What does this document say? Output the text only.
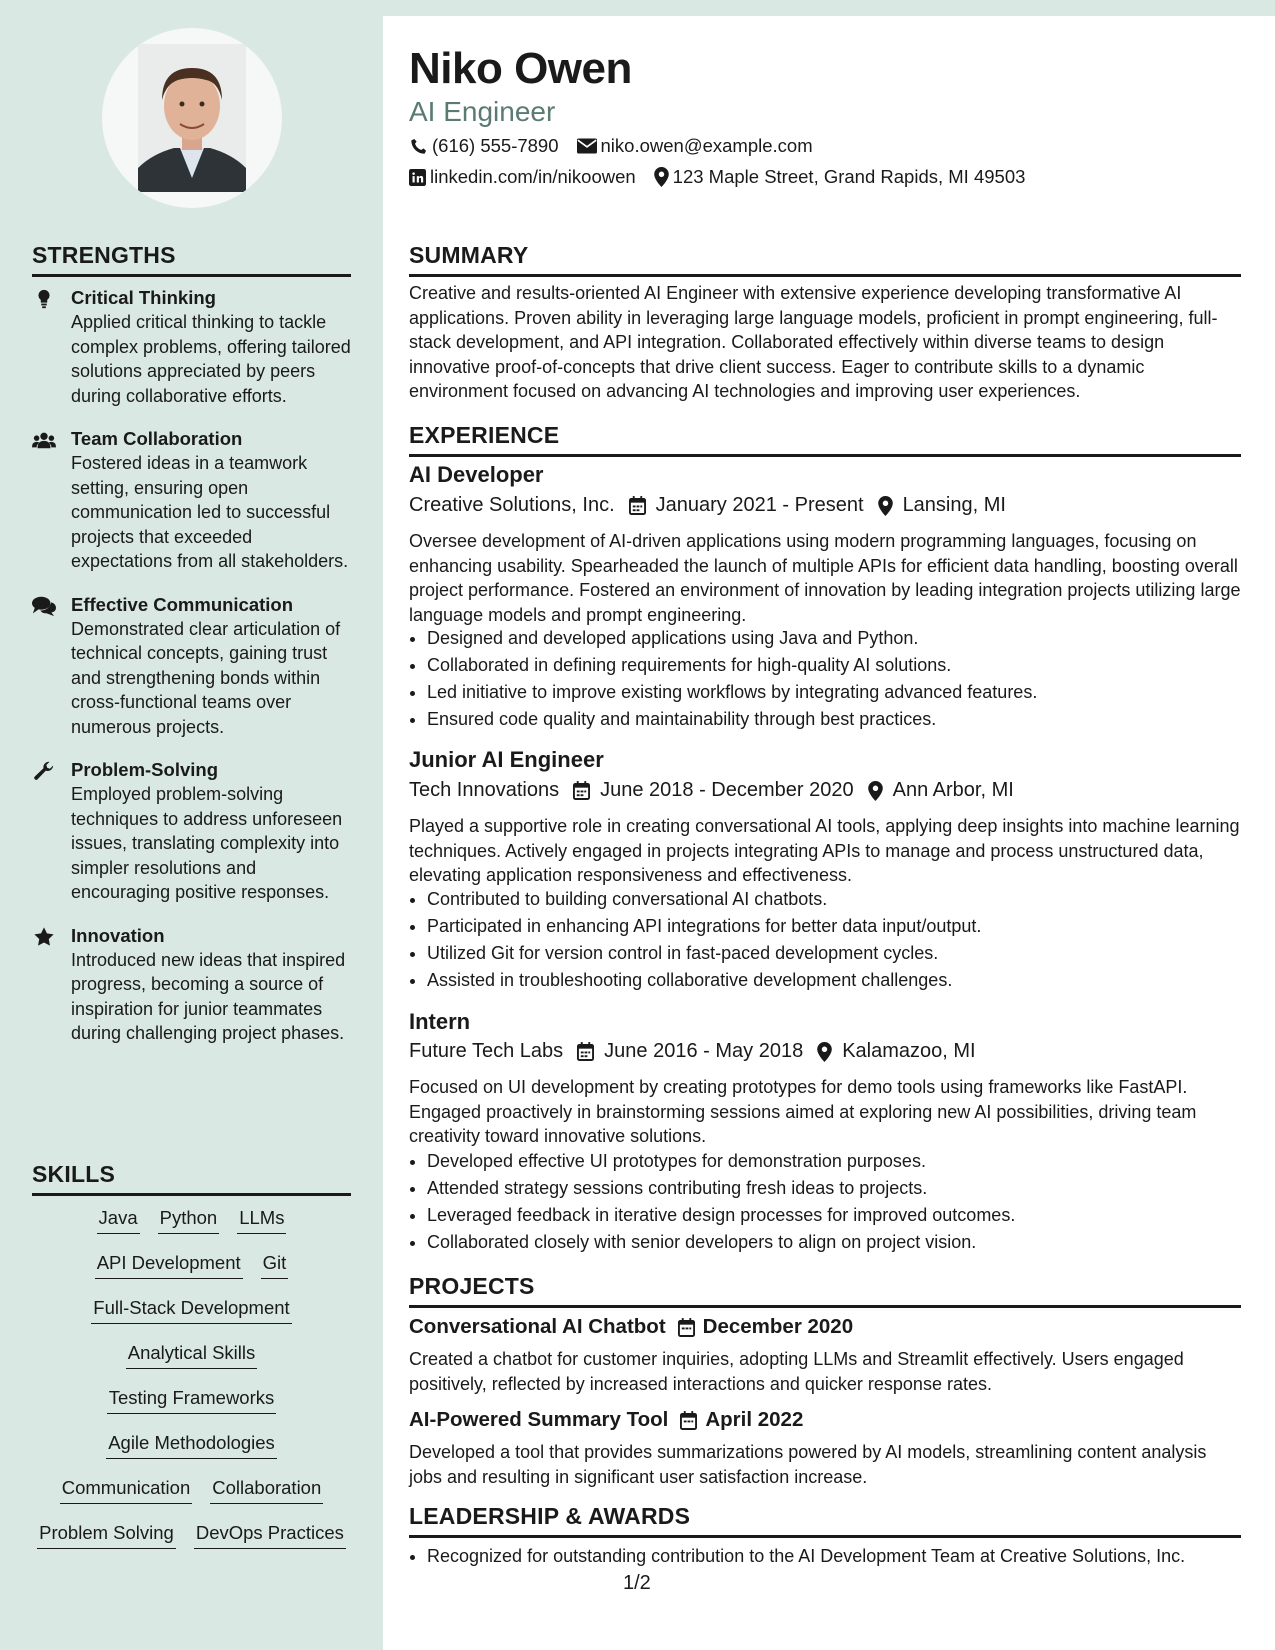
STRENGTHS
Critical Thinking
Applied critical thinking to tackle complex problems, offering tailored solutions appreciated by peers during collaborative efforts.
Team Collaboration
Fostered ideas in a teamwork setting, ensuring open communication led to successful projects that exceeded expectations from all stakeholders.
Effective Communication
Demonstrated clear articulation of technical concepts, gaining trust and strengthening bonds within cross-functional teams over numerous projects.
Problem-Solving
Employed problem-solving techniques to address unforeseen issues, translating complexity into simpler resolutions and encouraging positive responses.
Innovation
Introduced new ideas that inspired progress, becoming a source of inspiration for junior teammates during challenging project phases.
SKILLS
Java Python LLMs
API Development Git
Full-Stack Development
Analytical Skills
Testing Frameworks
Agile Methodologies
Communication Collaboration
Problem Solving DevOps Practices
Niko Owen
AI Engineer
(616) 555-7890 niko.owen@example.com
linkedin.com/in/nikoowen 123 Maple Street, Grand Rapids, MI 49503
SUMMARY
Creative and results-oriented AI Engineer with extensive experience developing transformative AI applications. Proven ability in leveraging large language models, proficient in prompt engineering, full-stack development, and API integration. Collaborated effectively within diverse teams to design innovative proof-of-concepts that drive client success. Eager to contribute skills to a dynamic environment focused on advancing AI technologies and improving user experiences.
EXPERIENCE
AI Developer
Creative Solutions, Inc. January 2021 - Present Lansing, MI
Oversee development of AI-driven applications using modern programming languages, focusing on enhancing usability. Spearheaded the launch of multiple APIs for efficient data handling, boosting overall project performance. Fostered an environment of innovation by leading integration projects utilizing large language models and prompt engineering.
• Designed and developed applications using Java and Python.
• Collaborated in defining requirements for high-quality AI solutions.
• Led initiative to improve existing workflows by integrating advanced features.
• Ensured code quality and maintainability through best practices.
Junior AI Engineer
Tech Innovations June 2018 - December 2020 Ann Arbor, MI
Played a supportive role in creating conversational AI tools, applying deep insights into machine learning techniques. Actively engaged in projects integrating APIs to manage and process unstructured data, elevating application responsiveness and effectiveness.
• Contributed to building conversational AI chatbots.
• Participated in enhancing API integrations for better data input/output.
• Utilized Git for version control in fast-paced development cycles.
• Assisted in troubleshooting collaborative development challenges.
Intern
Future Tech Labs June 2016 - May 2018 Kalamazoo, MI
Focused on UI development by creating prototypes for demo tools using frameworks like FastAPI. Engaged proactively in brainstorming sessions aimed at exploring new AI possibilities, driving team creativity toward innovative solutions.
• Developed effective UI prototypes for demonstration purposes.
• Attended strategy sessions contributing fresh ideas to projects.
• Leveraged feedback in iterative design processes for improved outcomes.
• Collaborated closely with senior developers to align on project vision.
PROJECTS
Conversational AI Chatbot December 2020
Created a chatbot for customer inquiries, adopting LLMs and Streamlit effectively. Users engaged positively, reflected by increased interactions and quicker response rates.
AI-Powered Summary Tool April 2022
Developed a tool that provides summarizations powered by AI models, streamlining content analysis jobs and resulting in significant user satisfaction increase.
LEADERSHIP & AWARDS
• Recognized for outstanding contribution to the AI Development Team at Creative Solutions, Inc.
1/2
